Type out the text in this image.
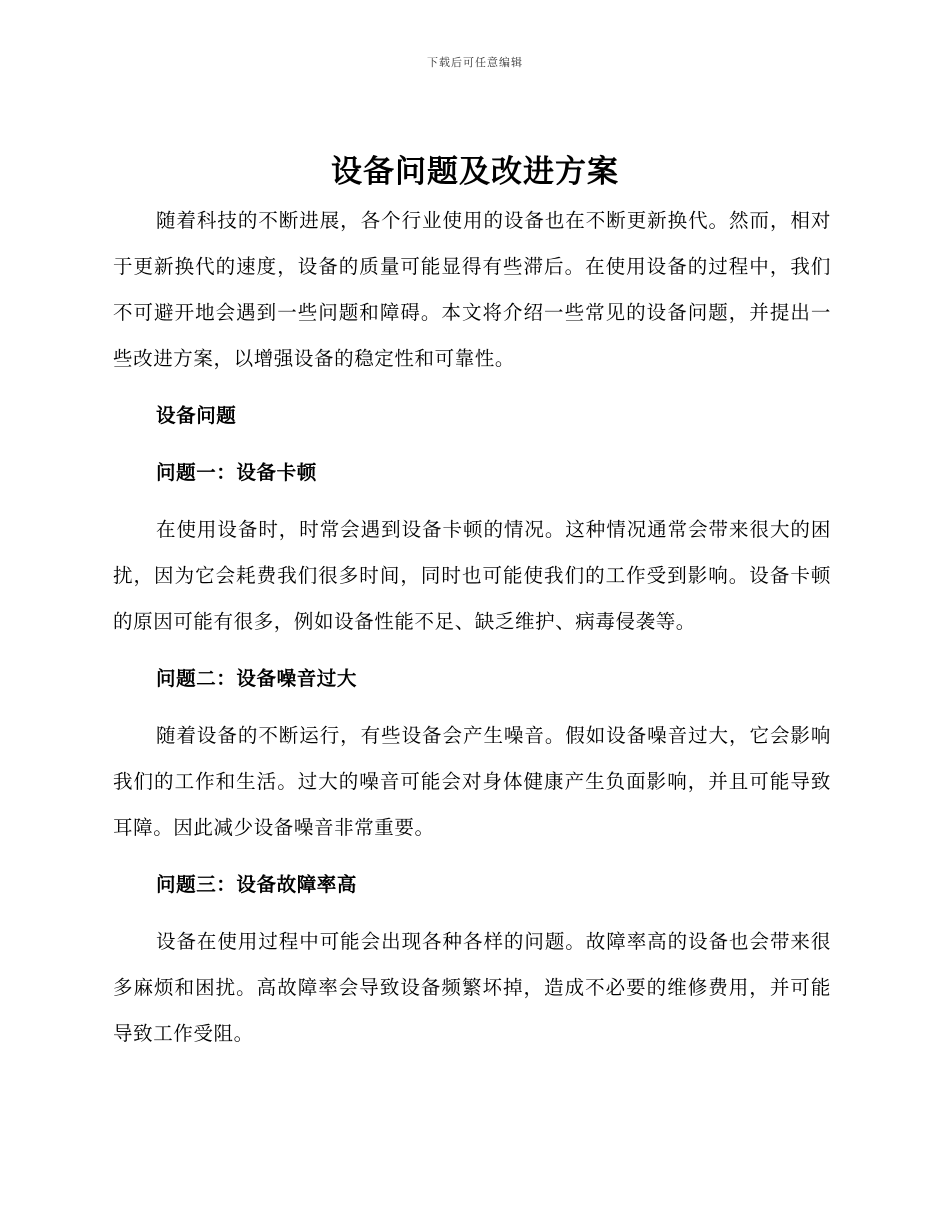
下载后可任意编辑
设备问题及改进方案

随着科技的不断进展，各个行业使用的设备也在不断更新换代。然而，相对于更新换代的速度，设备的质量可能显得有些滞后。在使用设备的过程中，我们不可避开地会遇到一些问题和障碍。本文将介绍一些常见的设备问题，并提出一些改进方案，以增强设备的稳定性和可靠性。

设备问题

问题一：设备卡顿

在使用设备时，时常会遇到设备卡顿的情况。这种情况通常会带来很大的困扰，因为它会耗费我们很多时间，同时也可能使我们的工作受到影响。设备卡顿的原因可能有很多，例如设备性能不足、缺乏维护、病毒侵袭等。

问题二：设备噪音过大

随着设备的不断运行，有些设备会产生噪音。假如设备噪音过大，它会影响我们的工作和生活。过大的噪音可能会对身体健康产生负面影响，并且可能导致耳障。因此减少设备噪音非常重要。

问题三：设备故障率高

设备在使用过程中可能会出现各种各样的问题。故障率高的设备也会带来很多麻烦和困扰。高故障率会导致设备频繁坏掉，造成不必要的维修费用，并可能导致工作受阻。
